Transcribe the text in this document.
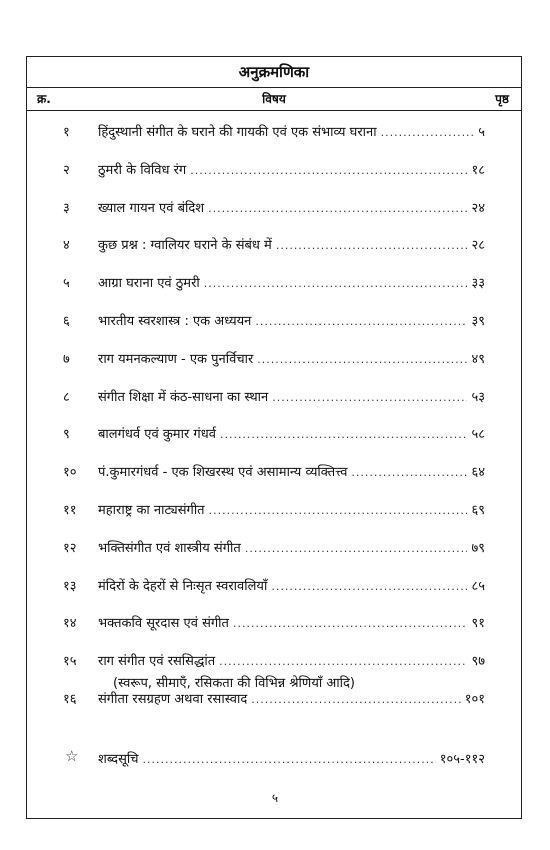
अनुक्रमणिका
क्र.	विषय	पृष्ठ
१ हिंदुस्थानी संगीत के घराने की गायकी एवं एक संभाव्य घराना .....	५
२ ठुमरी के विविध रंग .....	१८
३ ख्याल गायन एवं बंदिश .....	२४
४ कुछ प्रश्न : ग्वालियर घराने के संबंध में .....	२८
५ आग्रा घराना एवं ठुमरी .....	३३
६ भारतीय स्वरशास्त्र : एक अध्ययन .....	३९
७ राग यमनकल्याण - एक पुनर्विचार .....	४९
८ संगीत शिक्षा में कंठ-साधना का स्थान .....	५३
९ बालगंधर्व एवं कुमार गंधर्व .....	५८
१० पं.कुमारगंधर्व - एक शिखरस्थ एवं असामान्य व्यक्तित्त्व .....	६४
११ महाराष्ट्र का नाट्यसंगीत .....	६९
१२ भक्तिसंगीत एवं शास्त्रीय संगीत .....	७९
१३ मंदिरों के देहरों से निःसृत स्वरावलियाँ .....	८५
१४ भक्तकवि सूरदास एवं संगीत .....	९१
१५ राग संगीत एवं रससिद्धांत .....	९७
१६ संगीता रसग्रहण अथवा रसास्वाद .....	१०१
(स्वरूप, सीमाएँ, रसिकता की विभिन्न श्रेणियाँ आदि)
☆ शब्दसूचि .....	१०५-११२
५
